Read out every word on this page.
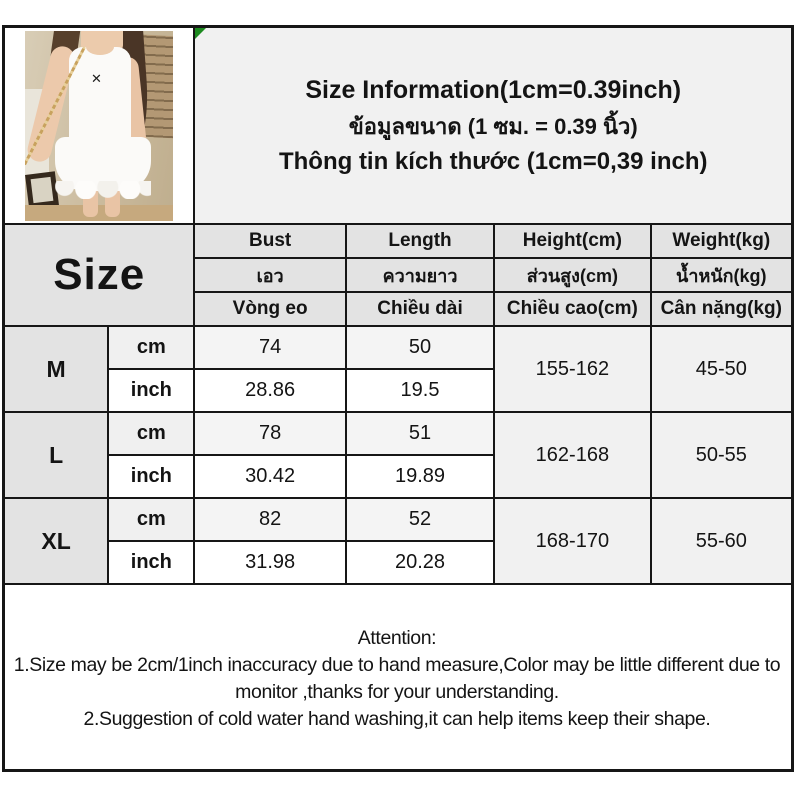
✕		Size Information(1cm=0.39inch)
ข้อมูลขนาด (1 ซม. = 0.39 นิ้ว)
Thông tin kích thước (1cm=0,39 inch)			

Size		Bust	Length	Height(cm)	Weight(kg)
		เอว	ความยาว	ส่วนสูง(cm)	น้ำหนัก(kg)
		Vòng eo	Chiều dài	Chiều cao(cm)	Cân nặng(kg)
M	cm	74	50	155-162	45-50
	inch	28.86	19.5		
L	cm	78	51	162-168	50-55
	inch	30.42	19.89		
XL	cm	82	52	168-170	55-60
	inch	31.98	20.28		

Attention:
1.Size may be 2cm/1inch inaccuracy due to hand measure,Color may be little different due to monitor ,thanks for your understanding.
2.Suggestion of cold water hand washing,it can help items keep their shape.					
